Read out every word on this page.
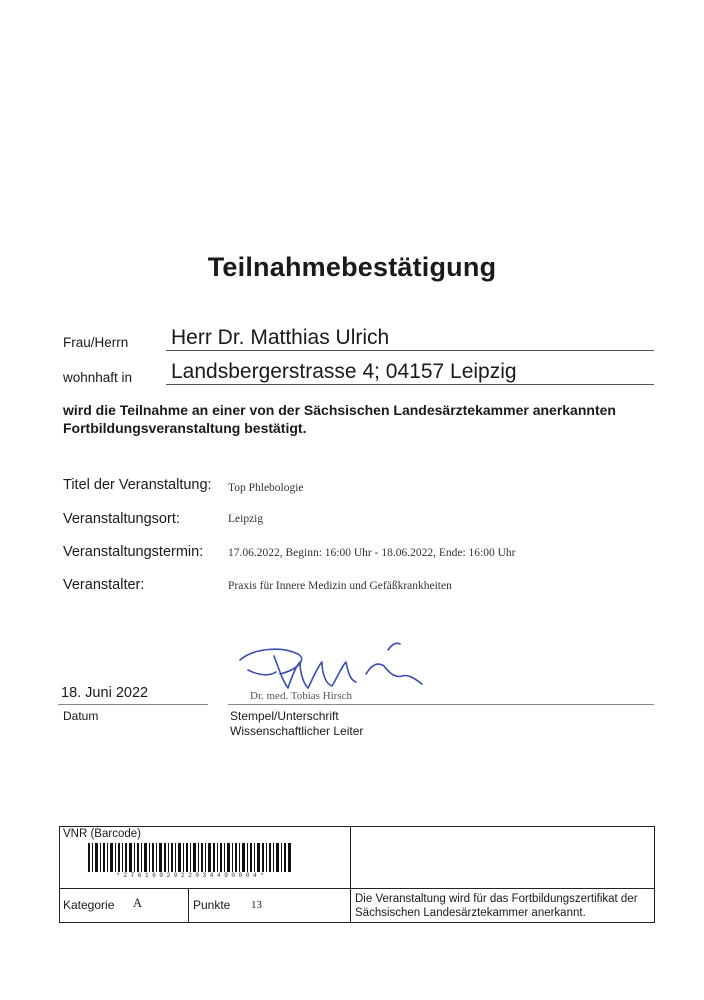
Teilnahmebestätigung
Frau/Herrn Herr Dr. Matthias Ulrich
wohnhaft in Landsbergerstrasse 4; 04157 Leipzig
wird die Teilnahme an einer von der Sächsischen Landesärztekammer anerkannten
Fortbildungsveranstaltung bestätigt.
Titel der Veranstaltung: Top Phlebologie
Veranstaltungsort:	Leipzig
Veranstaltungstermin: 17.06.2022, Beginn: 16:00 Uhr - 18.06.2022, Ende: 16:00 Uhr
Veranstalter:	Praxis für Innere Medizin und Gefäßkrankheiten
18. Juni 2022
Datum
Dr. med. Tobias Hirsch
Stempel/Unterschrift
Wissenschaftlicher Leiter
VNR (Barcode)
* 2 7 6 1 6 0 2 0 2 2 0 3 4 4 9 0 0 0 4 *
Kategorie A	Punkte 13	Die Veranstaltung wird für das Fortbildungszertifikat der
Sächsischen Landesärztekammer anerkannt.
